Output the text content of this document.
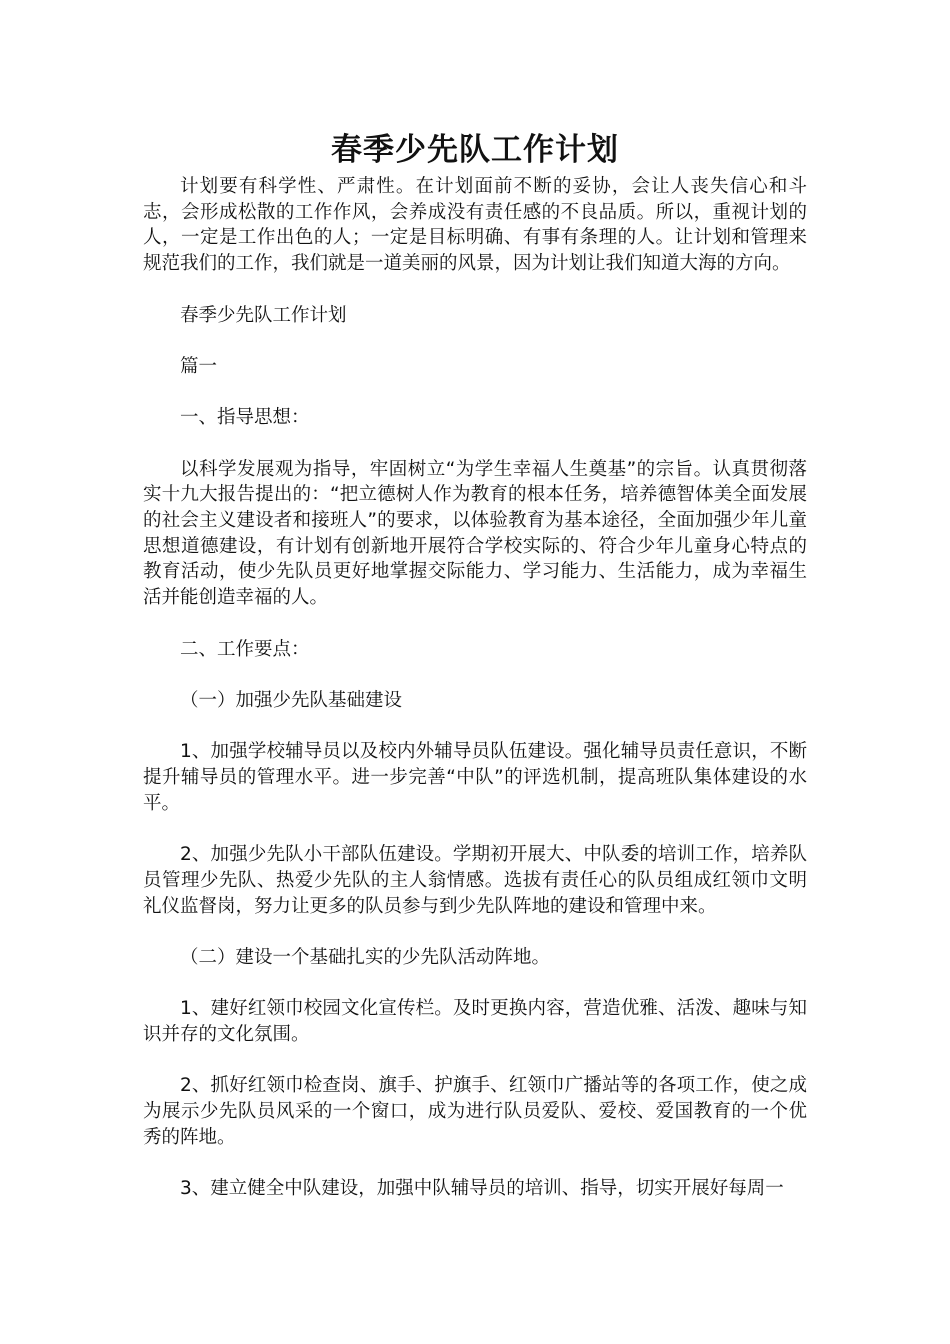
春季少先队工作计划

计划要有科学性、严肃性。在计划面前不断的妥协，会让人丧失信心和斗志，会形成松散的工作作风，会养成没有责任感的不良品质。所以，重视计划的人，一定是工作出色的人；一定是目标明确、有事有条理的人。让计划和管理来规范我们的工作，我们就是一道美丽的风景，因为计划让我们知道大海的方向。

春季少先队工作计划

篇一

一、指导思想：

以科学发展观为指导，牢固树立“为学生幸福人生奠基”的宗旨。认真贯彻落实十九大报告提出的：“把立德树人作为教育的根本任务，培养德智体美全面发展的社会主义建设者和接班人”的要求，以体验教育为基本途径，全面加强少年儿童思想道德建设，有计划有创新地开展符合学校实际的、符合少年儿童身心特点的教育活动，使少先队员更好地掌握交际能力、学习能力、生活能力，成为幸福生活并能创造幸福的人。

二、工作要点：

（一）加强少先队基础建设

1、加强学校辅导员以及校内外辅导员队伍建设。强化辅导员责任意识，不断提升辅导员的管理水平。进一步完善“中队”的评选机制，提高班队集体建设的水平。

2、加强少先队小干部队伍建设。学期初开展大、中队委的培训工作，培养队员管理少先队、热爱少先队的主人翁情感。选拔有责任心的队员组成红领巾文明礼仪监督岗，努力让更多的队员参与到少先队阵地的建设和管理中来。

（二）建设一个基础扎实的少先队活动阵地。

1、建好红领巾校园文化宣传栏。及时更换内容，营造优雅、活泼、趣味与知识并存的文化氛围。

2、抓好红领巾检查岗、旗手、护旗手、红领巾广播站等的各项工作，使之成为展示少先队员风采的一个窗口，成为进行队员爱队、爱校、爱国教育的一个优秀的阵地。

3、建立健全中队建设，加强中队辅导员的培训、指导，切实开展好每周一
